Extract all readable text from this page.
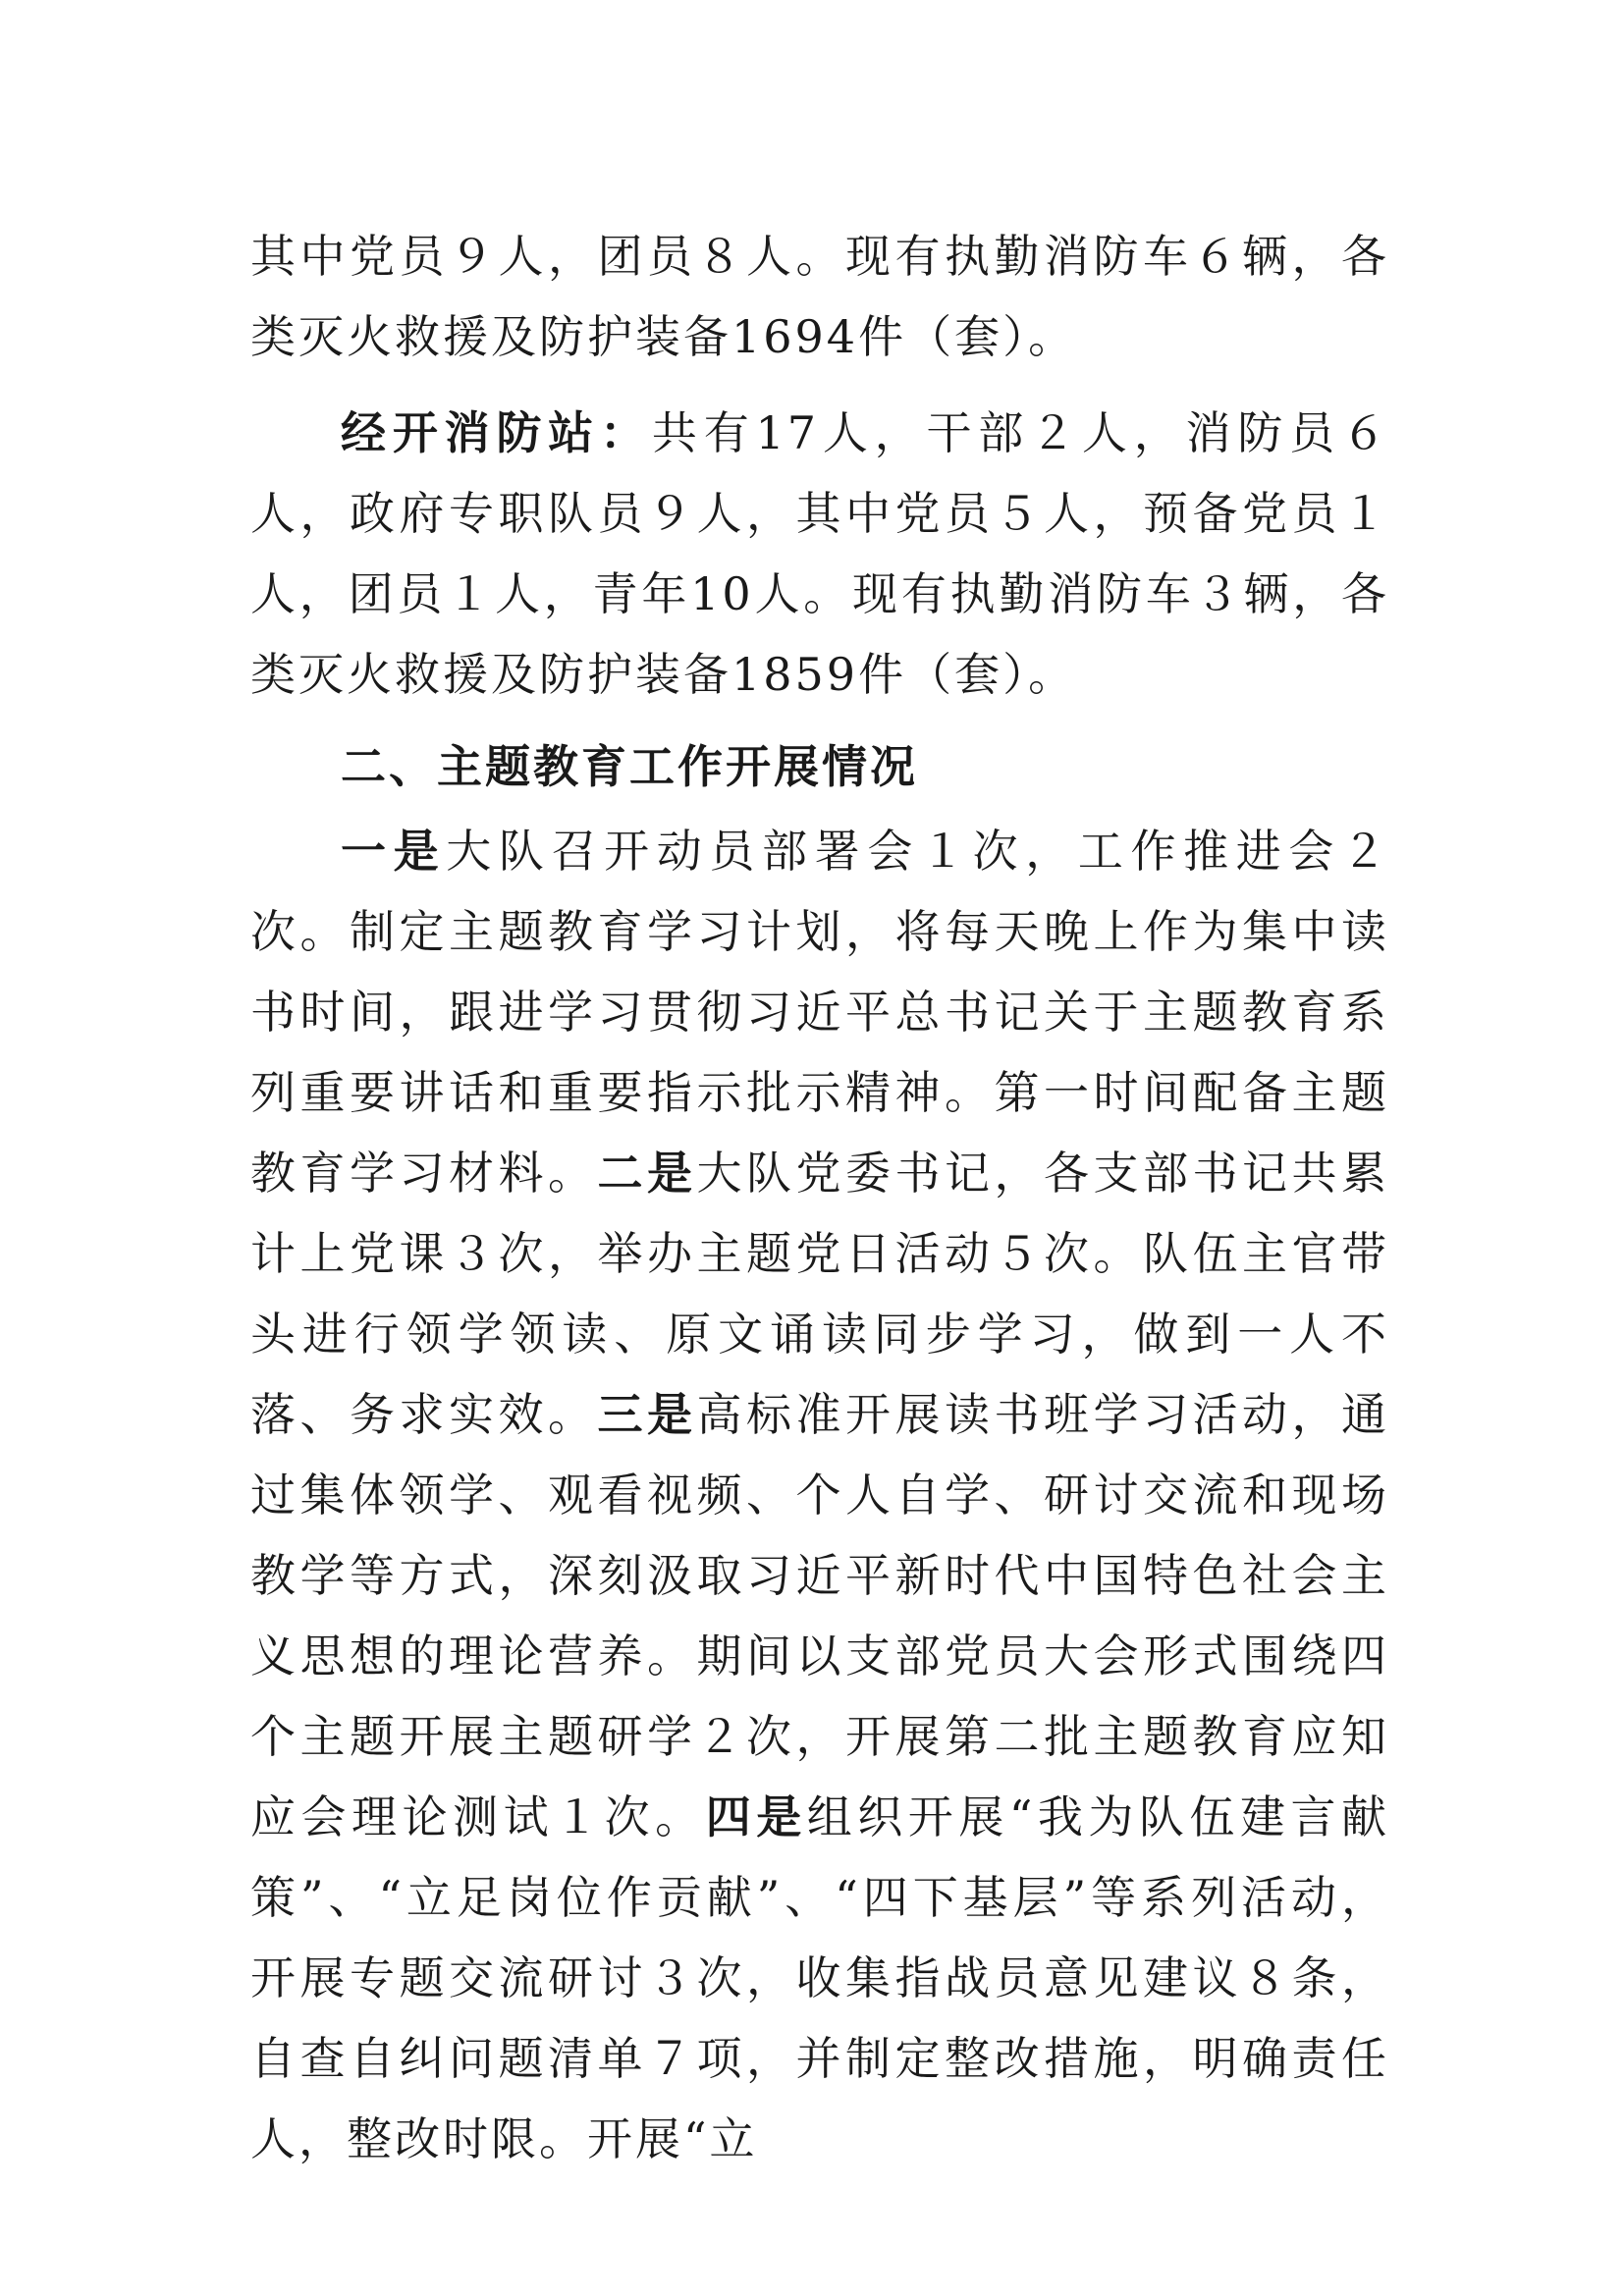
其中党员９人，团员８人。现有执勤消防车６辆，各类灭火救援及防护装备1694件（套）。

经开消防站：共有17人，干部２人，消防员６人，政府专职队员９人，其中党员５人，预备党员１人，团员１人，青年10人。现有执勤消防车３辆，各类灭火救援及防护装备1859件（套）。

二、主题教育工作开展情况

一是大队召开动员部署会１次，工作推进会２次。制定主题教育学习计划，将每天晚上作为集中读书时间，跟进学习贯彻习近平总书记关于主题教育系列重要讲话和重要指示批示精神。第一时间配备主题教育学习材料。二是大队党委书记，各支部书记共累计上党课３次，举办主题党日活动５次。队伍主官带头进行领学领读、原文诵读同步学习，做到一人不落、务求实效。三是高标准开展读书班学习活动，通过集体领学、观看视频、个人自学、研讨交流和现场教学等方式，深刻汲取习近平新时代中国特色社会主义思想的理论营养。期间以支部党员大会形式围绕四个主题开展主题研学２次，开展第二批主题教育应知应会理论测试１次。四是组织开展“我为队伍建言献策”、“立足岗位作贡献”、“四下基层”等系列活动，开展专题交流研讨３次，收集指战员意见建议８条，自查自纠问题清单７项，并制定整改措施，明确责任人，整改时限。开展“立
